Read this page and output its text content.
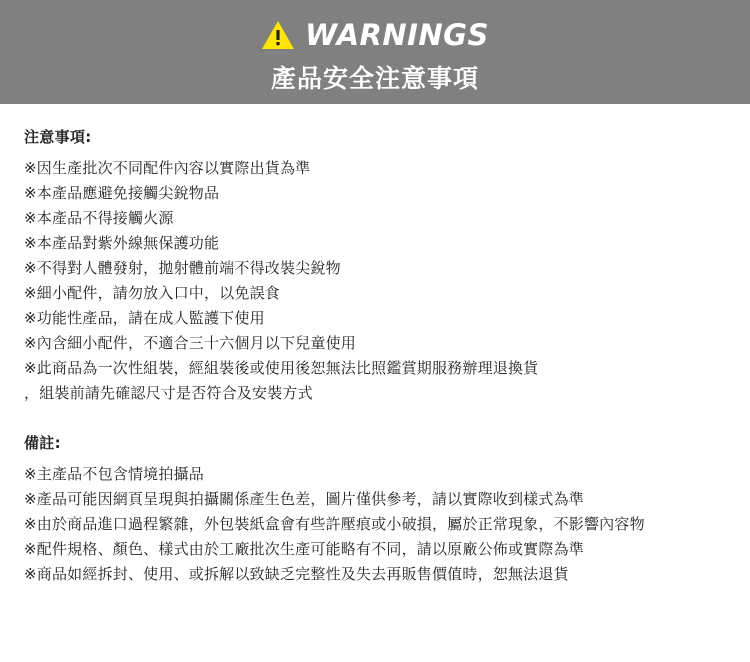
WARNINGS
產品安全注意事項
注意事項:
※因生產批次不同配件內容以實際出貨為準
※本產品應避免接觸尖銳物品
※本產品不得接觸火源
※本產品對紫外線無保護功能
※不得對人體發射，拋射體前端不得改裝尖銳物
※細小配件，請勿放入口中，以免誤食
※功能性產品，請在成人監護下使用
※內含細小配件，不適合三十六個月以下兒童使用
※此商品為一次性組裝，經組裝後或使用後恕無法比照鑑賞期服務辦理退換貨
，組裝前請先確認尺寸是否符合及安裝方式
備註:
※主產品不包含情境拍攝品
※產品可能因網頁呈現與拍攝關係產生色差，圖片僅供參考，請以實際收到樣式為準
※由於商品進口過程繁雜，外包裝紙盒會有些許壓痕或小破損，屬於正常現象，不影響內容物
※配件規格、顏色、樣式由於工廠批次生產可能略有不同，請以原廠公佈或實際為準
※商品如經拆封、使用、或拆解以致缺乏完整性及失去再販售價值時，恕無法退貨
